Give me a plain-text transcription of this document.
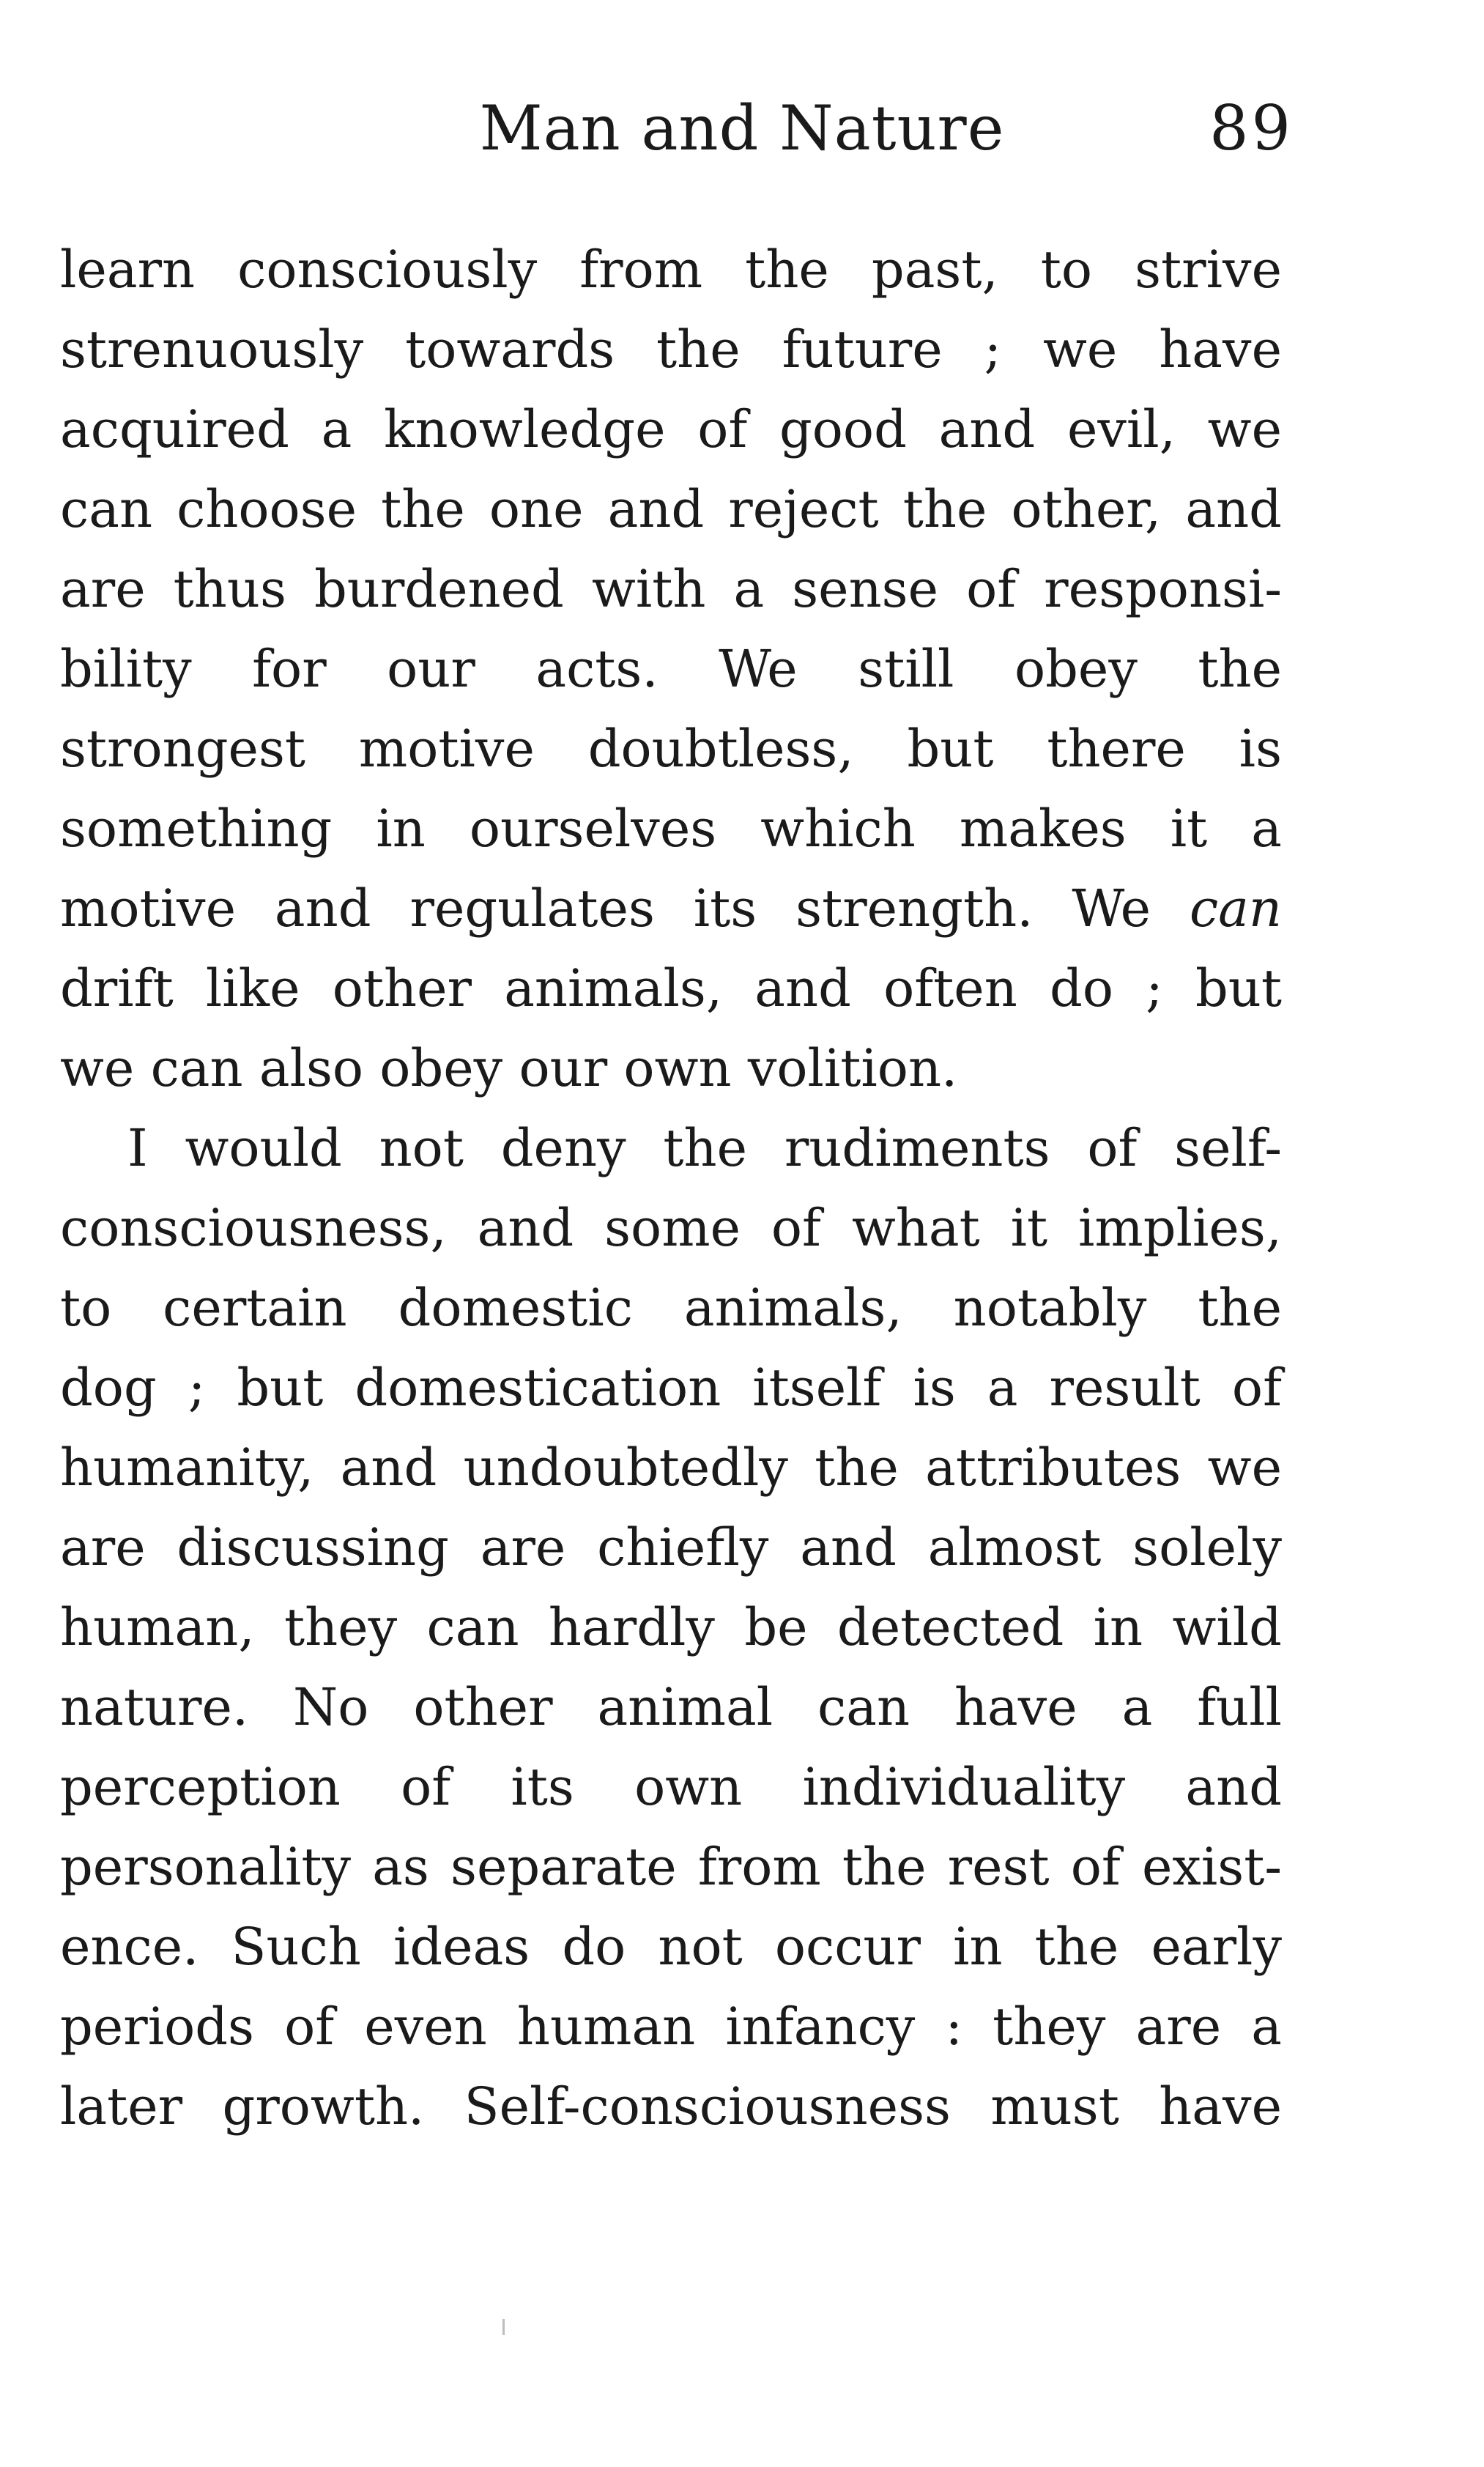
Man and Nature	89
learn consciously from the past, to strive
strenuously towards the future ; we have
acquired a knowledge of good and evil, we
can choose the one and reject the other, and
are thus burdened with a sense of responsi-
bility for our acts. We still obey the
strongest motive doubtless, but there is
something in ourselves which makes it a
motive and regulates its strength. We can
drift like other animals, and often do ; but
we can also obey our own volition.
I would not deny the rudiments of self-
consciousness, and some of what it implies,
to certain domestic animals, notably the
dog ; but domestication itself is a result of
humanity, and undoubtedly the attributes we
are discussing are chiefly and almost solely
human, they can hardly be detected in wild
nature. No other animal can have a full
perception of its own individuality and
personality as separate from the rest of exist-
ence. Such ideas do not occur in the early
periods of even human infancy : they are a
later growth. Self-consciousness must have
